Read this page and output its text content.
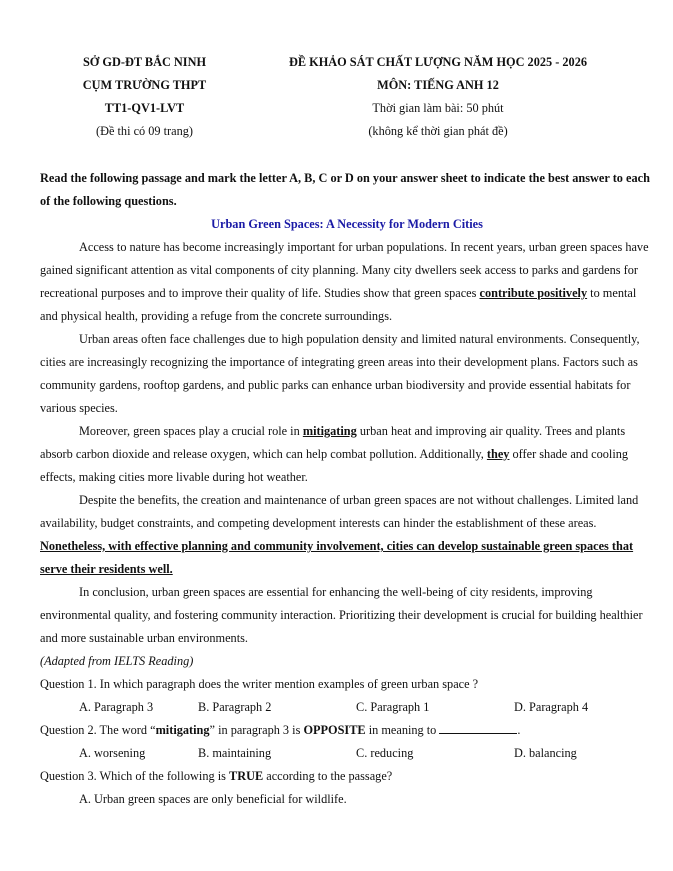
SỞ GD-ĐT BẮC NINH
CỤM TRƯỜNG THPT
TT1-QV1-LVT
(Đề thi có 09 trang)
ĐỀ KHẢO SÁT CHẤT LƯỢNG NĂM HỌC 2025 - 2026
MÔN: TIẾNG ANH 12
Thời gian làm bài: 50 phút
(không kể thời gian phát đề)
Read the following passage and mark the letter A, B, C or D on your answer sheet to indicate the best answer to each of the following questions.
Urban Green Spaces: A Necessity for Modern Cities

Access to nature has become increasingly important for urban populations. In recent years, urban green spaces have gained significant attention as vital components of city planning. Many city dwellers seek access to parks and gardens for recreational purposes and to improve their quality of life. Studies show that green spaces contribute positively to mental and physical health, providing a refuge from the concrete surroundings.

Urban areas often face challenges due to high population density and limited natural environments. Consequently, cities are increasingly recognizing the importance of integrating green areas into their development plans. Factors such as community gardens, rooftop gardens, and public parks can enhance urban biodiversity and provide essential habitats for various species.

Moreover, green spaces play a crucial role in mitigating urban heat and improving air quality. Trees and plants absorb carbon dioxide and release oxygen, which can help combat pollution. Additionally, they offer shade and cooling effects, making cities more livable during hot weather.

Despite the benefits, the creation and maintenance of urban green spaces are not without challenges. Limited land availability, budget constraints, and competing development interests can hinder the establishment of these areas. Nonetheless, with effective planning and community involvement, cities can develop sustainable green spaces that serve their residents well.

In conclusion, urban green spaces are essential for enhancing the well-being of city residents, improving environmental quality, and fostering community interaction. Prioritizing their development is crucial for building healthier and more sustainable urban environments.

(Adapted from IELTS Reading)
Question 1. In which paragraph does the writer mention examples of green urban space ?
A. Paragraph 3	B. Paragraph 2	C. Paragraph 1	D. Paragraph 4
Question 2. The word “mitigating” in paragraph 3 is OPPOSITE in meaning to	.
A. worsening	B. maintaining	C. reducing	D. balancing
Question 3. Which of the following is TRUE according to the passage?
A. Urban green spaces are only beneficial for wildlife.
